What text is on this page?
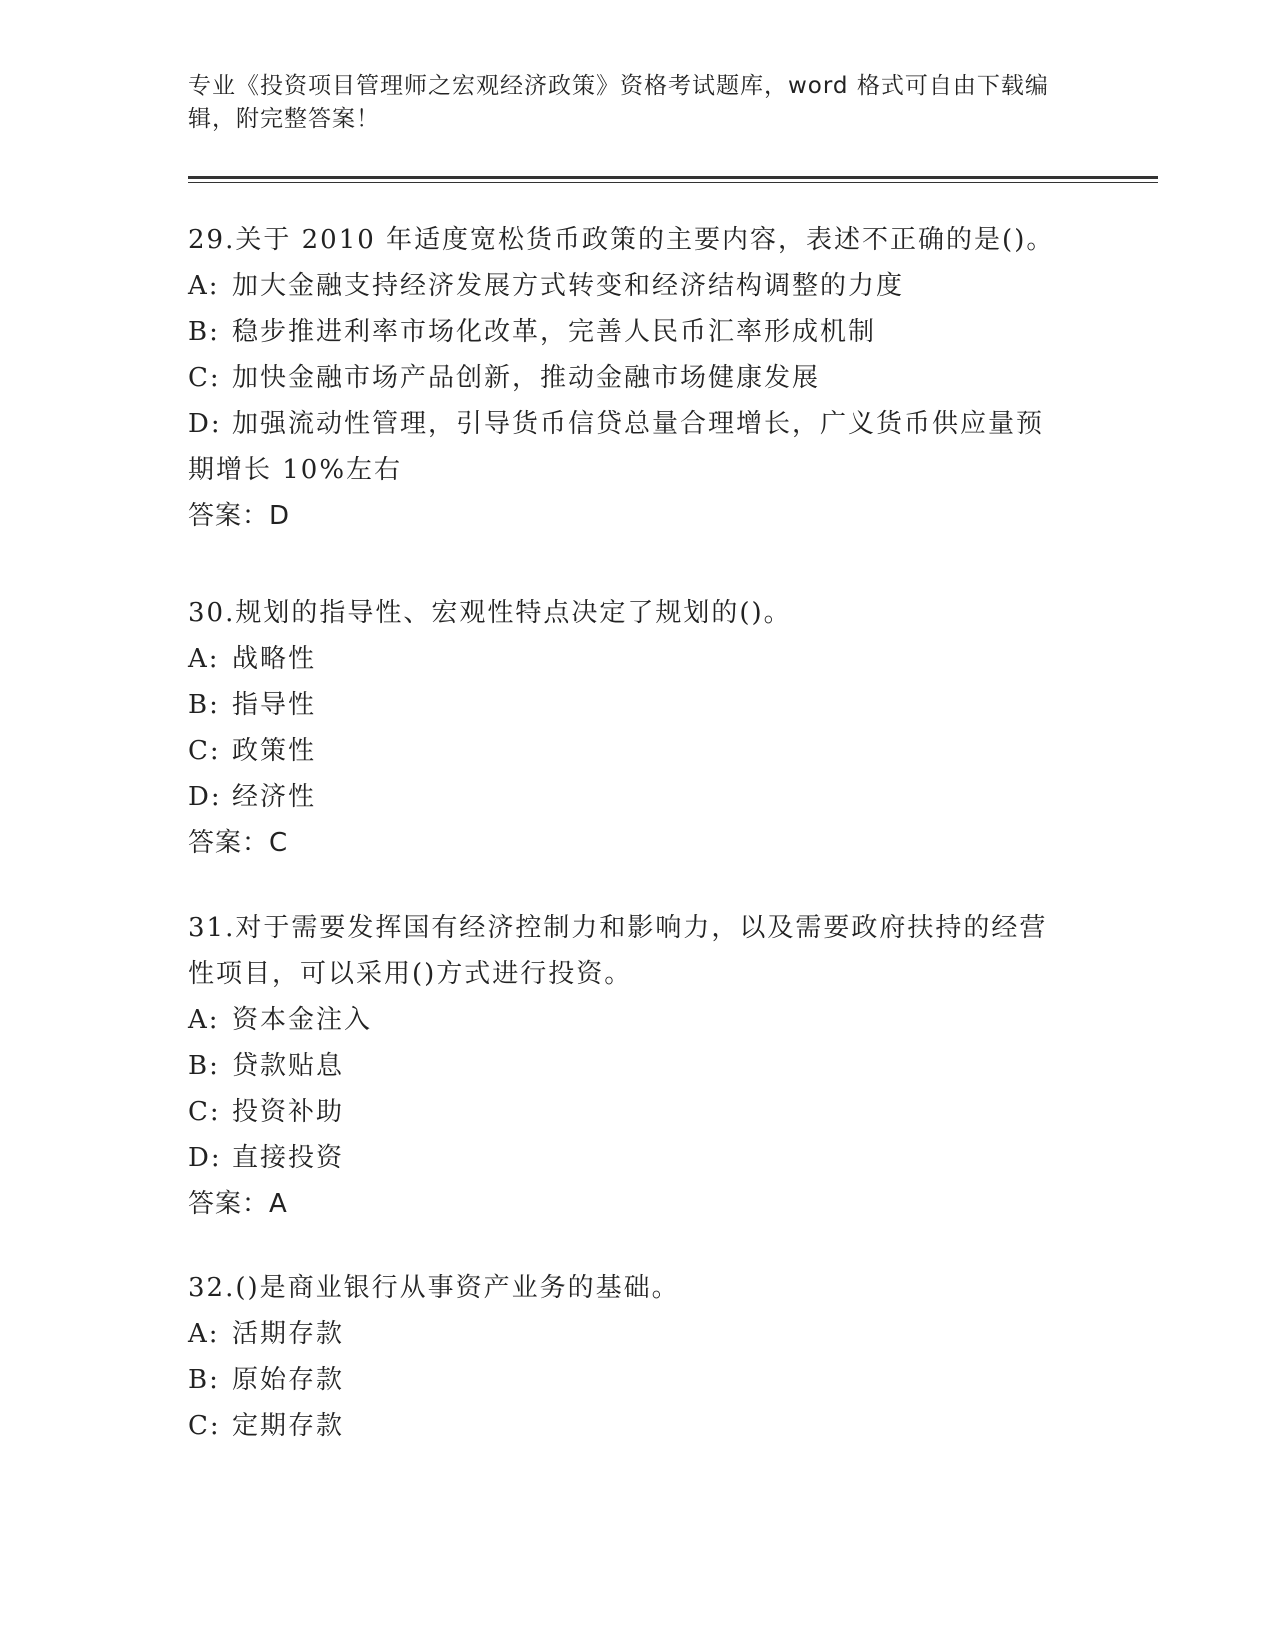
专业《投资项目管理师之宏观经济政策》资格考试题库，word 格式可自由下载编
辑，附完整答案！
29.关于 2010 年适度宽松货币政策的主要内容，表述不正确的是()。
A: 加大金融支持经济发展方式转变和经济结构调整的力度
B: 稳步推进利率市场化改革，完善人民币汇率形成机制
C: 加快金融市场产品创新，推动金融市场健康发展
D: 加强流动性管理，引导货币信贷总量合理增长，广义货币供应量预
期增长 10%左右
答案：D
30.规划的指导性、宏观性特点决定了规划的()。
A: 战略性
B: 指导性
C: 政策性
D: 经济性
答案：C
31.对于需要发挥国有经济控制力和影响力，以及需要政府扶持的经营
性项目，可以采用()方式进行投资。
A: 资本金注入
B: 贷款贴息
C: 投资补助
D: 直接投资
答案：A
32.()是商业银行从事资产业务的基础。
A: 活期存款
B: 原始存款
C: 定期存款
